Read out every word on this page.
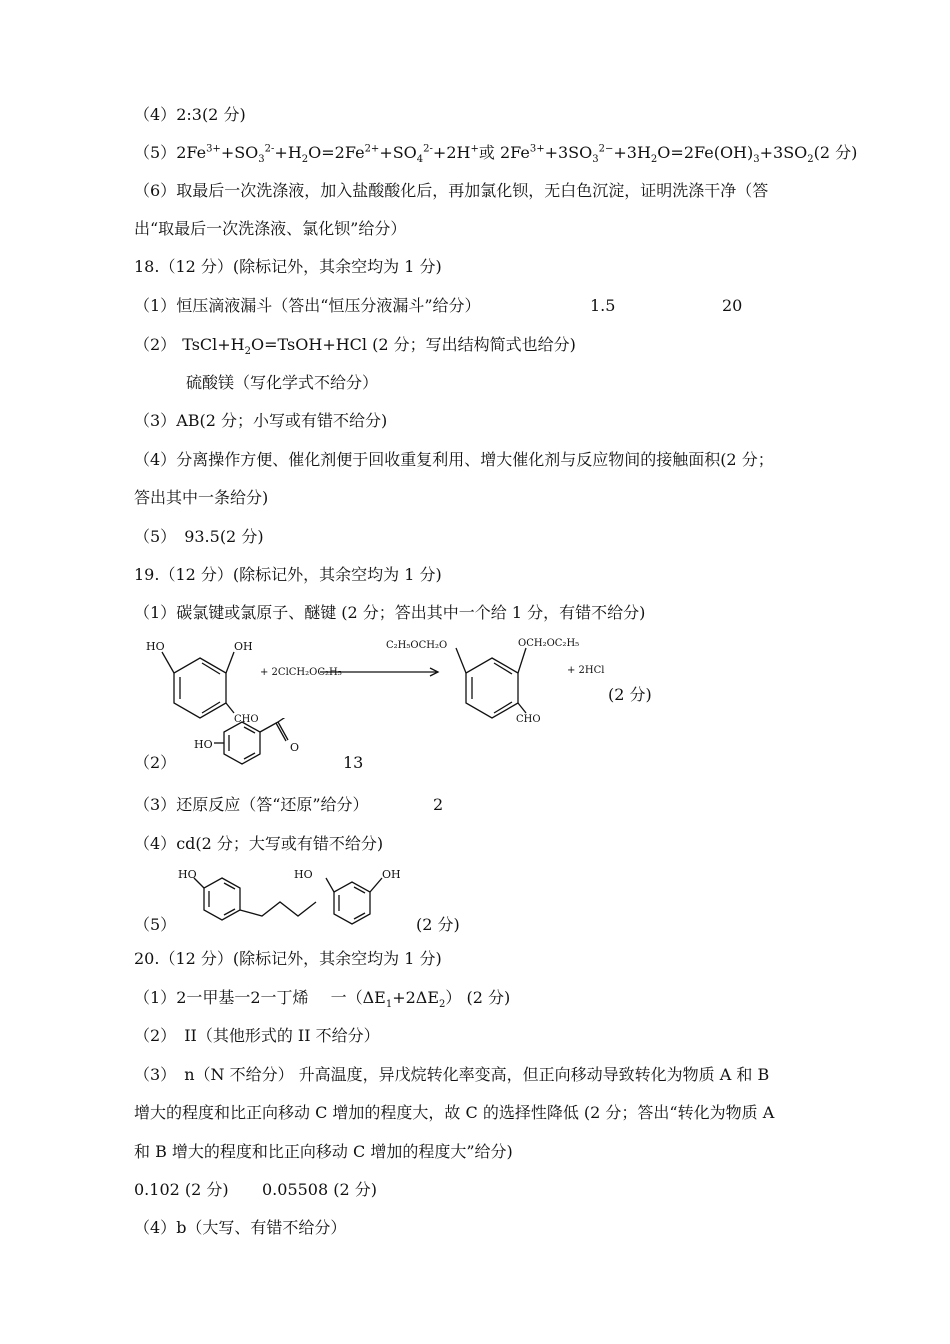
（4）2:3(2 分)
$(5)2Fe^{3+}+SO_3^{2-}+H_2O=2Fe^{2+}+SO_4^{2-}+2H^+$或 $2Fe^{3+}+3SO_3^{2-}+3H_2O=2Fe(OH)_3+3SO_2(2$ 分)
（6）取最后一次洗涤液，加入盐酸酸化后，再加氯化钡，无白色沉淀，证明洗涤干净（答
出“取最后一次洗涤液、氯化钡”给分）
18.（12 分）(除标记外，其余空均为 1 分)
（1）恒压滴液漏斗（答出“恒压分液漏斗”给分）	1.5	20
（2） $TsCl+H_2O=TsOH+HCl$ (2 分；写出结构简式也给分)
硫酸镁（写化学式不给分）
（3）AB(2 分；小写或有错不给分)
（4）分离操作方便、催化剂便于回收重复利用、增大催化剂与反应物间的接触面积(2 分；
答出其中一条给分)
（5） 93.5(2 分)
19.（12 分）(除标记外，其余空均为 1 分)
（1）碳氯键或氯原子、醚键 (2 分；答出其中一个给 1 分，有错不给分)
HO	OH
CHO
+ 2ClCH₂OC₂H₅
C₂H₅OCH₂O	OCH₂OC₂H₅
CHO
+ 2HCl
(2 分)
（2）
HO	O
13
（3）还原反应（答“还原”给分）	2
（4）cd(2 分；大写或有错不给分)
（5）
HO	HO	OH
(2 分)
20.（12 分）(除标记外，其余空均为 1 分)
（1）2一甲基一2一丁烯 一$(\Delta E_1+2\Delta E_2)$ (2 分)
（2） II（其他形式的 II 不给分）
（3） n（N 不给分） 升高温度，异戊烷转化率变高，但正向移动导致转化为物质 A 和 B
增大的程度和比正向移动 C 增加的程度大，故 C 的选择性降低 (2 分；答出“转化为物质 A
和 B 增大的程度和比正向移动 C 增加的程度大”给分)
0.102 (2 分) 0.05508 (2 分)
（4）b（大写、有错不给分）
